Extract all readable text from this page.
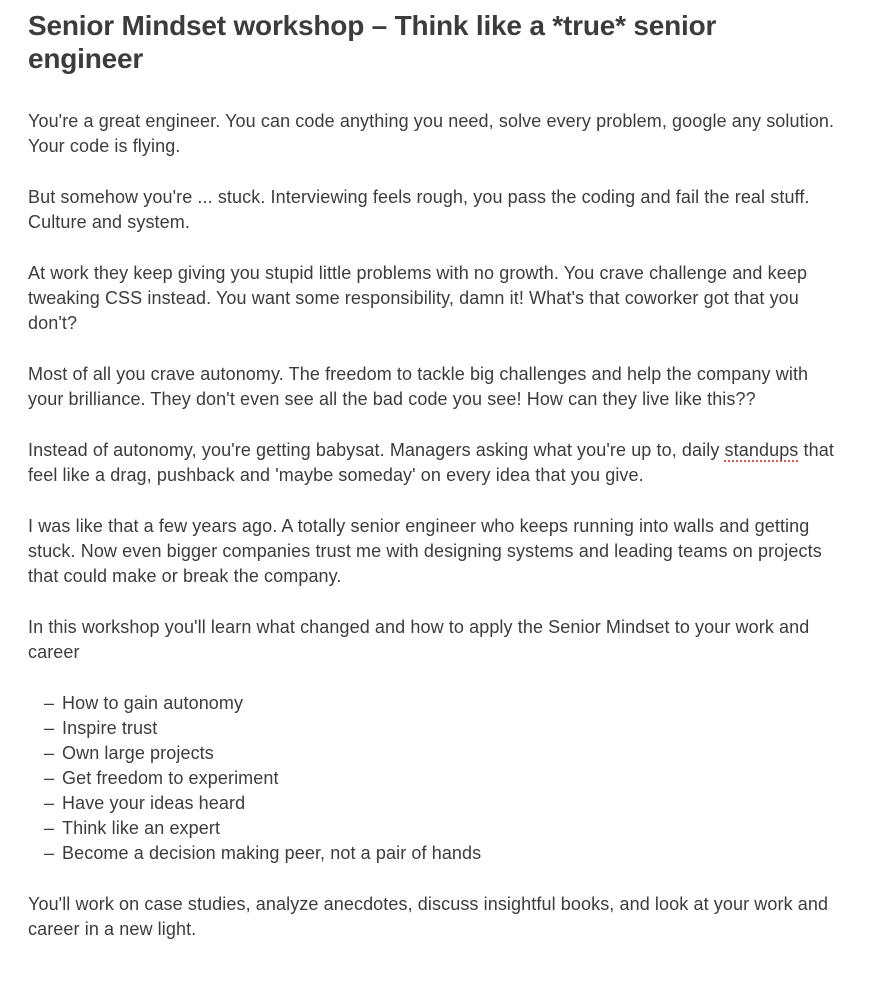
Senior Mindset workshop – Think like a *true* senior engineer

You're a great engineer. You can code anything you need, solve every problem, google any solution. Your code is flying.

But somehow you're ... stuck. Interviewing feels rough, you pass the coding and fail the real stuff. Culture and system.

At work they keep giving you stupid little problems with no growth. You crave challenge and keep tweaking CSS instead. You want some responsibility, damn it! What's that coworker got that you don't?

Most of all you crave autonomy. The freedom to tackle big challenges and help the company with your brilliance. They don't even see all the bad code you see! How can they live like this??

Instead of autonomy, you're getting babysat. Managers asking what you're up to, daily standups that feel like a drag, pushback and 'maybe someday' on every idea that you give.

I was like that a few years ago. A totally senior engineer who keeps running into walls and getting stuck. Now even bigger companies trust me with designing systems and leading teams on projects that could make or break the company.

In this workshop you'll learn what changed and how to apply the Senior Mindset to your work and career

– How to gain autonomy
– Inspire trust
– Own large projects
– Get freedom to experiment
– Have your ideas heard
– Think like an expert
– Become a decision making peer, not a pair of hands

You'll work on case studies, analyze anecdotes, discuss insightful books, and look at your work and career in a new light.
